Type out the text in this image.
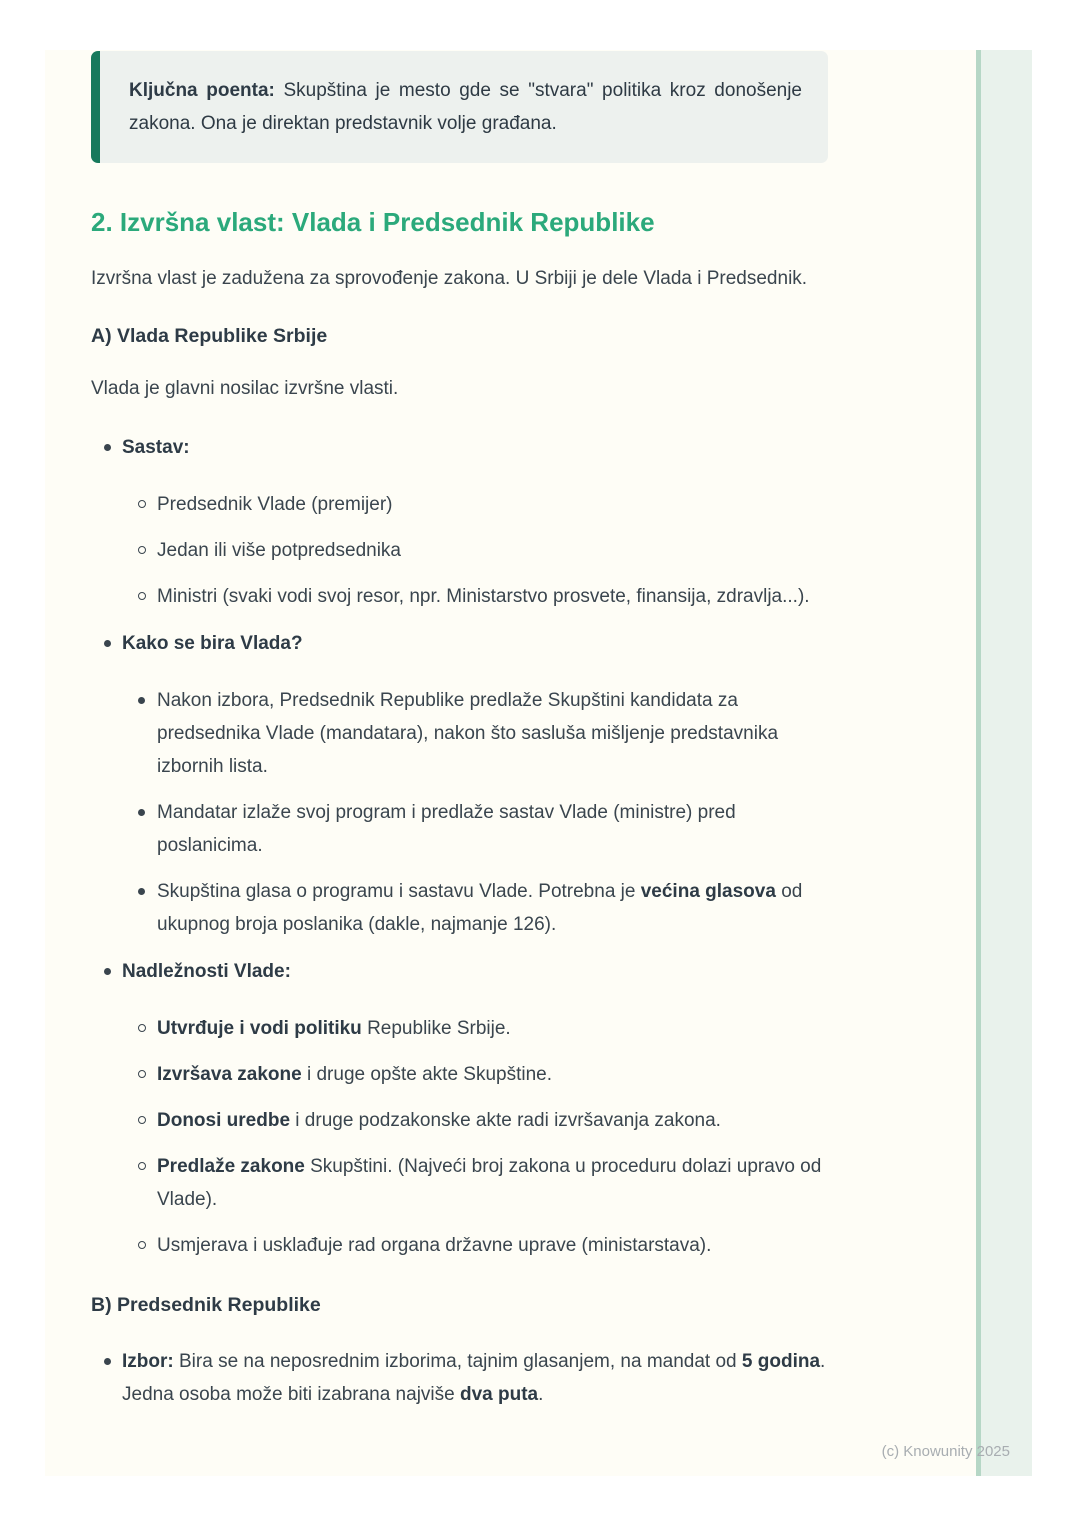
Ključna poenta: Skupština je mesto gde se "stvara" politika kroz donošenje zakona. Ona je direktan predstavnik volje građana.

2. Izvršna vlast: Vlada i Predsednik Republike

Izvršna vlast je zadužena za sprovođenje zakona. U Srbiji je dele Vlada i Predsednik.

A) Vlada Republike Srbije

Vlada je glavni nosilac izvršne vlasti.

Sastav:
Predsednik Vlade (premijer)
Jedan ili više potpredsednika
Ministri (svaki vodi svoj resor, npr. Ministarstvo prosvete, finansija, zdravlja...).
Kako se bira Vlada?
Nakon izbora, Predsednik Republike predlaže Skupštini kandidata za predsednika Vlade (mandatara), nakon što sasluša mišljenje predstavnika izbornih lista.
Mandatar izlaže svoj program i predlaže sastav Vlade (ministre) pred poslanicima.
Skupština glasa o programu i sastavu Vlade. Potrebna je većina glasova od ukupnog broja poslanika (dakle, najmanje 126).
Nadležnosti Vlade:
Utvrđuje i vodi politiku Republike Srbije.
Izvršava zakone i druge opšte akte Skupštine.
Donosi uredbe i druge podzakonske akte radi izvršavanja zakona.
Predlaže zakone Skupštini. (Najveći broj zakona u proceduru dolazi upravo od Vlade).
Usmjerava i usklađuje rad organa državne uprave (ministarstava).
B) Predsednik Republike
Izbor: Bira se na neposrednim izborima, tajnim glasanjem, na mandat od 5 godina. Jedna osoba može biti izabrana najviše dva puta.
(c) Knowunity 2025
